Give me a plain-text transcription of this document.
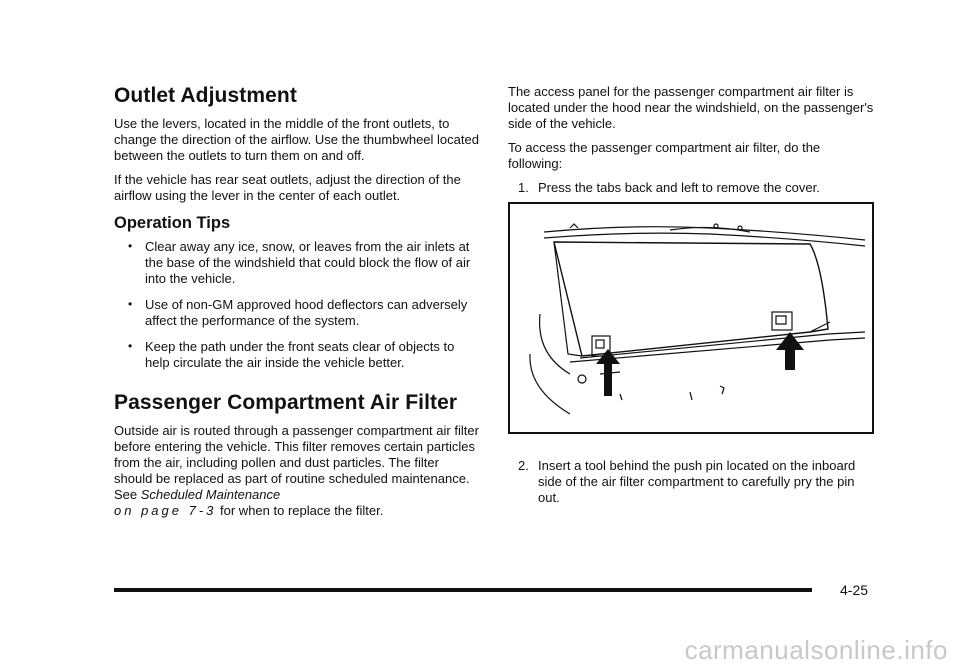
Outlet Adjustment

Use the levers, located in the middle of the front outlets, to change the direction of the airflow. Use the thumbwheel located between the outlets to turn them on and off.

If the vehicle has rear seat outlets, adjust the direction of the airflow using the lever in the center of each outlet.

Operation Tips
• Clear away any ice, snow, or leaves from the air inlets at the base of the windshield that could block the flow of air into the vehicle.
• Use of non-GM approved hood deflectors can adversely affect the performance of the system.
• Keep the path under the front seats clear of objects to help circulate the air inside the vehicle better.
Passenger Compartment Air Filter

Outside air is routed through a passenger compartment air filter before entering the vehicle. This filter removes certain particles from the air, including pollen and dust particles. The filter should be replaced as part of routine scheduled maintenance. See Scheduled Maintenance
on page 7-3 for when to replace the filter.

The access panel for the passenger compartment air filter is located under the hood near the windshield, on the passenger's side of the vehicle.

To access the passenger compartment air filter, do the following:

1. Press the tabs back and left to remove the cover.
2. Insert a tool behind the push pin located on the inboard side of the air filter compartment to carefully pry the pin out.
4-25
carmanualsonline.info
